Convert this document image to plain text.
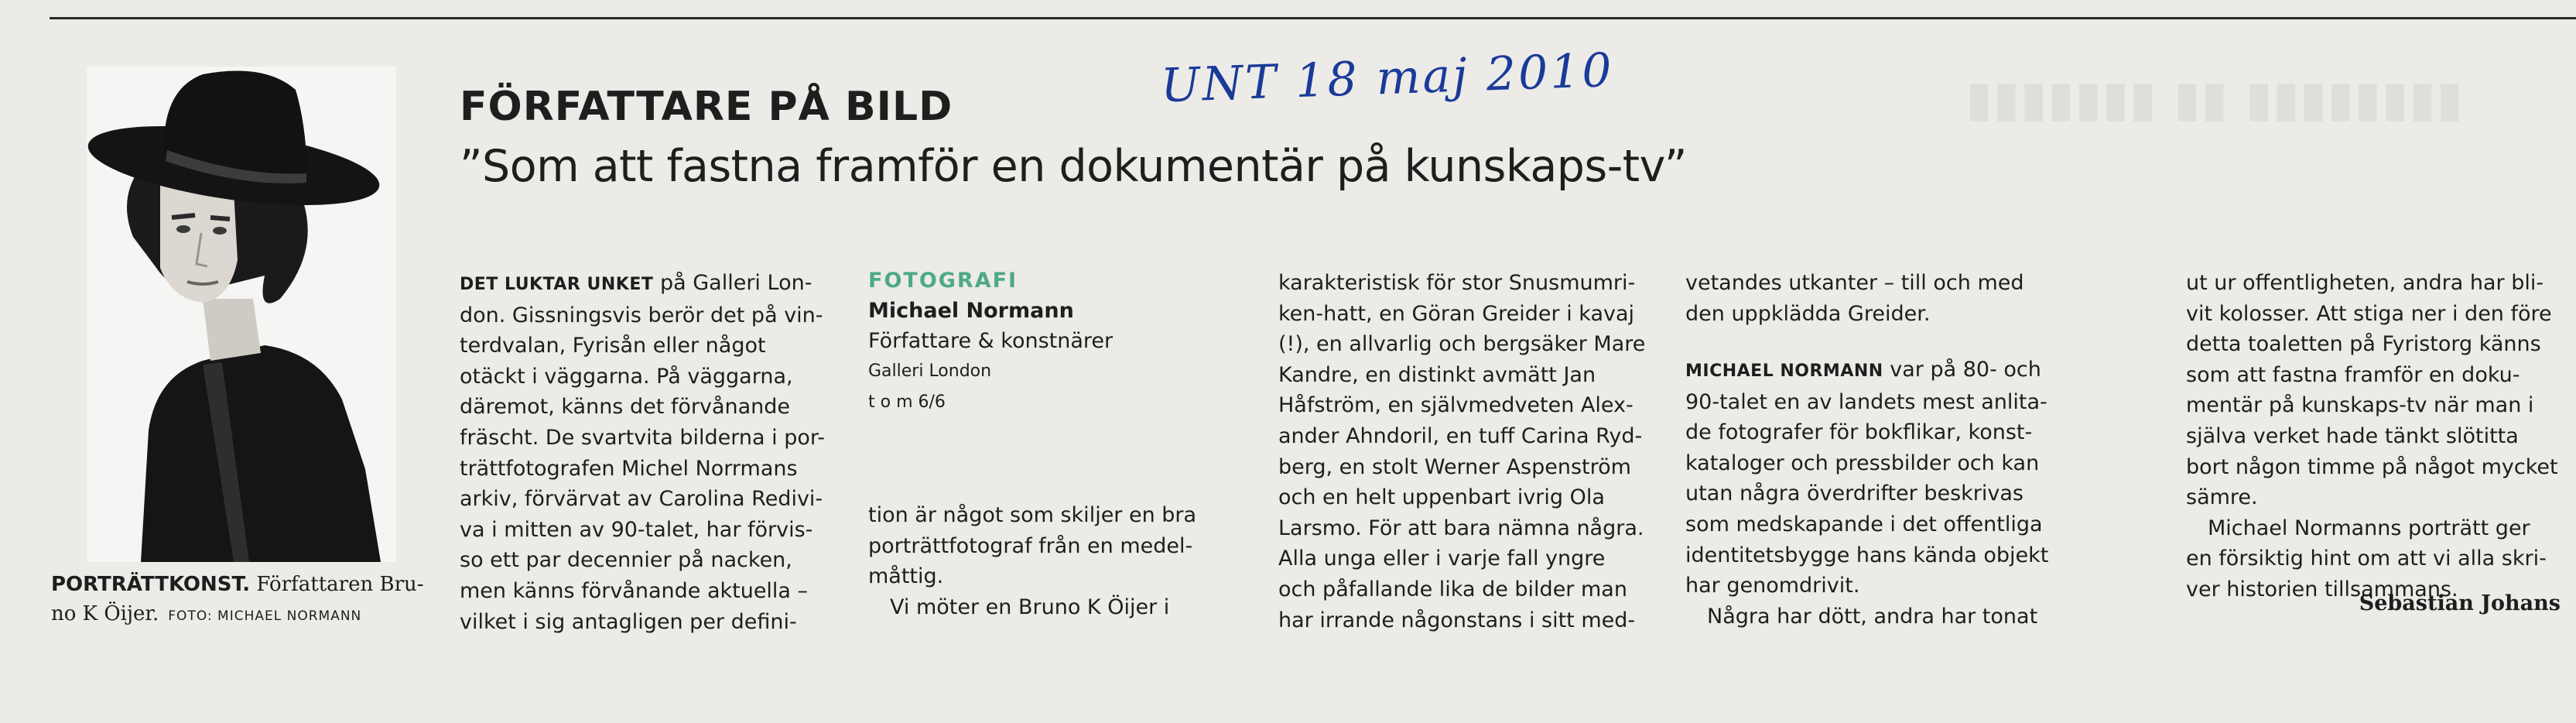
▮▮▮▮▮▮▮ ▮▮ ▮▮▮▮▮▮▮▮
PORTRÄTTKONST. Författaren Bru-
no K Öijer. FOTO: MICHAEL NORMANN
FÖRFATTARE PÅ BILD	UNT 18 maj 2010
”Som att fastna framför en dokumentär på kunskaps-tv”
DET LUKTAR UNKET på Galleri Lon-
don. Gissningsvis berör det på vin-
terdvalan, Fyrisån eller något
otäckt i väggarna. På väggarna,
däremot, känns det förvånande
fräscht. De svartvita bilderna i por-
trättfotografen Michel Norrmans
arkiv, förvärvat av Carolina Redivi-
va i mitten av 90-talet, har förvis-
so ett par decennier på nacken,
men känns förvånande aktuella –
vilket i sig antagligen per defini-
FOTOGRAFI
Michael Normann
Författare & konstnärer
Galleri London
t o m 6/6
tion är något som skiljer en bra
porträttfotograf från en medel-
måttig.
Vi möter en Bruno K Öijer i
karakteristisk för stor Snusmumri-
ken-hatt, en Göran Greider i kavaj
(!), en allvarlig och bergsäker Mare
Kandre, en distinkt avmätt Jan
Håfström, en självmedveten Alex-
ander Ahndoril, en tuff Carina Ryd-
berg, en stolt Werner Aspenström
och en helt uppenbart ivrig Ola
Larsmo. För att bara nämna några.
Alla unga eller i varje fall yngre
och påfallande lika de bilder man
har irrande någonstans i sitt med-
vetandes utkanter – till och med
den uppklädda Greider.
MICHAEL NORMANN var på 80- och
90-talet en av landets mest anlita-
de fotografer för bokflikar, konst-
kataloger och pressbilder och kan
utan några överdrifter beskrivas
som medskapande i det offentliga
identitetsbygge hans kända objekt
har genomdrivit.
Några har dött, andra har tonat
ut ur offentligheten, andra har bli-
vit kolosser. Att stiga ner i den före
detta toaletten på Fyristorg känns
som att fastna framför en doku-
mentär på kunskaps-tv när man i
själva verket hade tänkt slötitta
bort någon timme på något mycket
sämre.
Michael Normanns porträtt ger
en försiktig hint om att vi alla skri-
ver historien tillsammans.
Sebastian Johans
